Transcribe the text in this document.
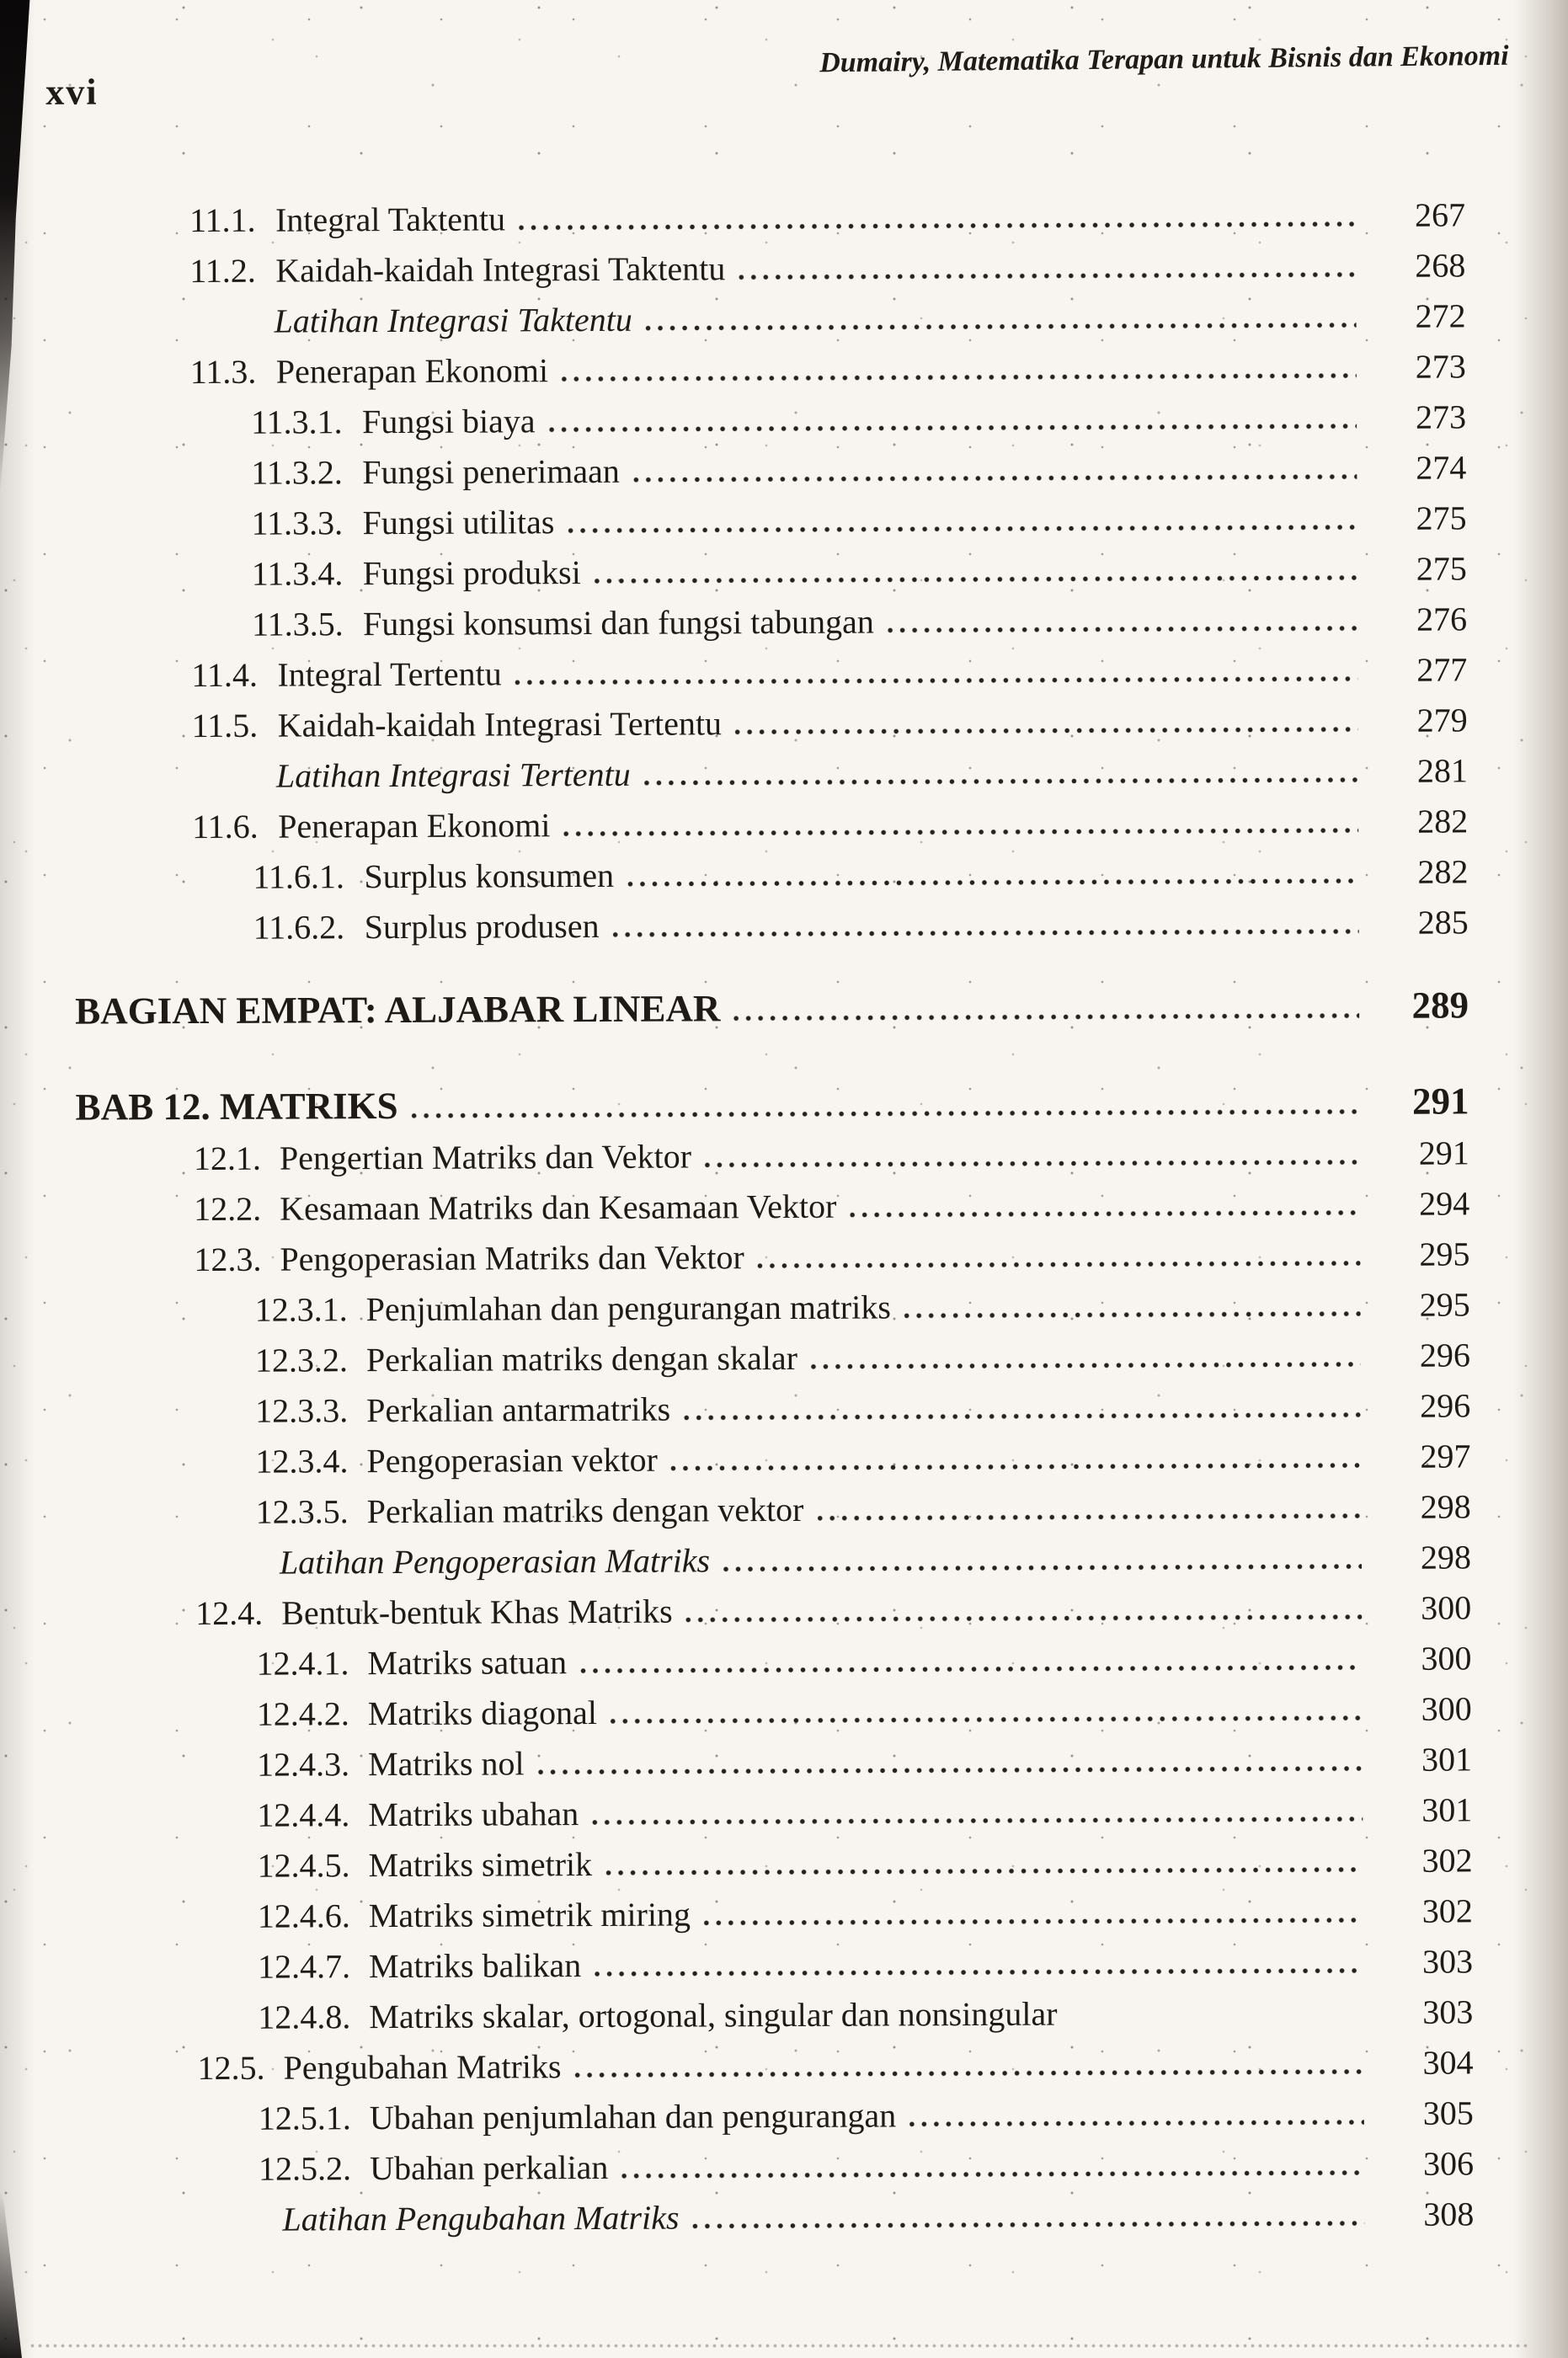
xvi
Dumairy, Matematika Terapan untuk Bisnis dan Ekonomi
11.1. Integral Taktentu	267
11.2. Kaidah-kaidah Integrasi Taktentu	268
Latihan Integrasi Taktentu	272
11.3. Penerapan Ekonomi	273
11.3.1. Fungsi biaya	273
11.3.2. Fungsi penerimaan	274
11.3.3. Fungsi utilitas	275
11.3.4. Fungsi produksi	275
11.3.5. Fungsi konsumsi dan fungsi tabungan	276
11.4. Integral Tertentu	277
11.5. Kaidah-kaidah Integrasi Tertentu	279
Latihan Integrasi Tertentu	281
11.6. Penerapan Ekonomi	282
11.6.1. Surplus konsumen	282
11.6.2. Surplus produsen	285
BAGIAN EMPAT: ALJABAR LINEAR	289
BAB 12. MATRIKS	291
12.1. Pengertian Matriks dan Vektor	291
12.2. Kesamaan Matriks dan Kesamaan Vektor	294
12.3. Pengoperasian Matriks dan Vektor	295
12.3.1. Penjumlahan dan pengurangan matriks	295
12.3.2. Perkalian matriks dengan skalar	296
12.3.3. Perkalian antarmatriks	296
12.3.4. Pengoperasian vektor	297
12.3.5. Perkalian matriks dengan vektor	298
Latihan Pengoperasian Matriks	298
12.4. Bentuk-bentuk Khas Matriks	300
12.4.1. Matriks satuan	300
12.4.2. Matriks diagonal	300
12.4.3. Matriks nol	301
12.4.4. Matriks ubahan	301
12.4.5. Matriks simetrik	302
12.4.6. Matriks simetrik miring	302
12.4.7. Matriks balikan	303
12.4.8. Matriks skalar, ortogonal, singular dan nonsingular	303
12.5. Pengubahan Matriks	304
12.5.1. Ubahan penjumlahan dan pengurangan	305
12.5.2. Ubahan perkalian	306
Latihan Pengubahan Matriks	308
